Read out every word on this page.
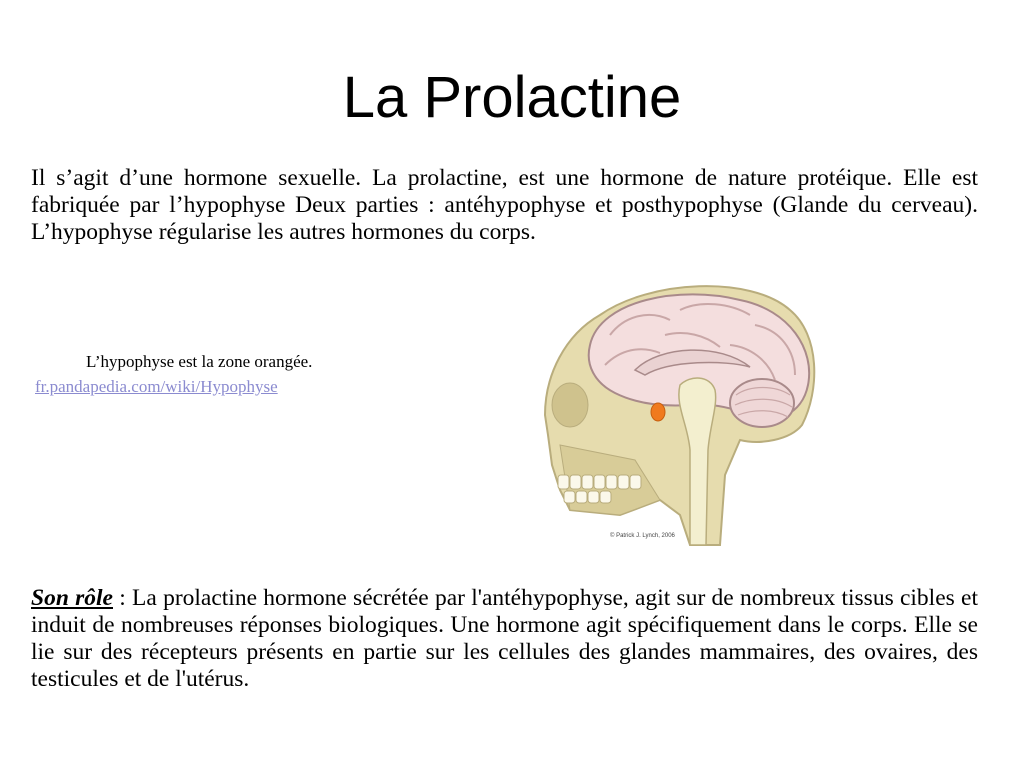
La Prolactine

Il s’agit d’une hormone sexuelle. La prolactine, est une hormone de nature protéique. Elle est fabriquée par l’hypophyse Deux parties : antéhypophyse et posthypophyse (Glande du cerveau). L’hypophyse régularise les autres hormones du corps.

L’hypophyse est la zone orangée.
fr.pandapedia.com/wiki/Hypophyse
© Patrick J. Lynch, 2006

Son rôle : La prolactine hormone sécrétée par l'antéhypophyse, agit sur de nombreux tissus cibles et induit de nombreuses réponses biologiques. Une hormone agit spécifiquement dans le corps. Elle se lie sur des récepteurs présents en partie sur les cellules des glandes mammaires, des ovaires, des testicules et de l'utérus.
